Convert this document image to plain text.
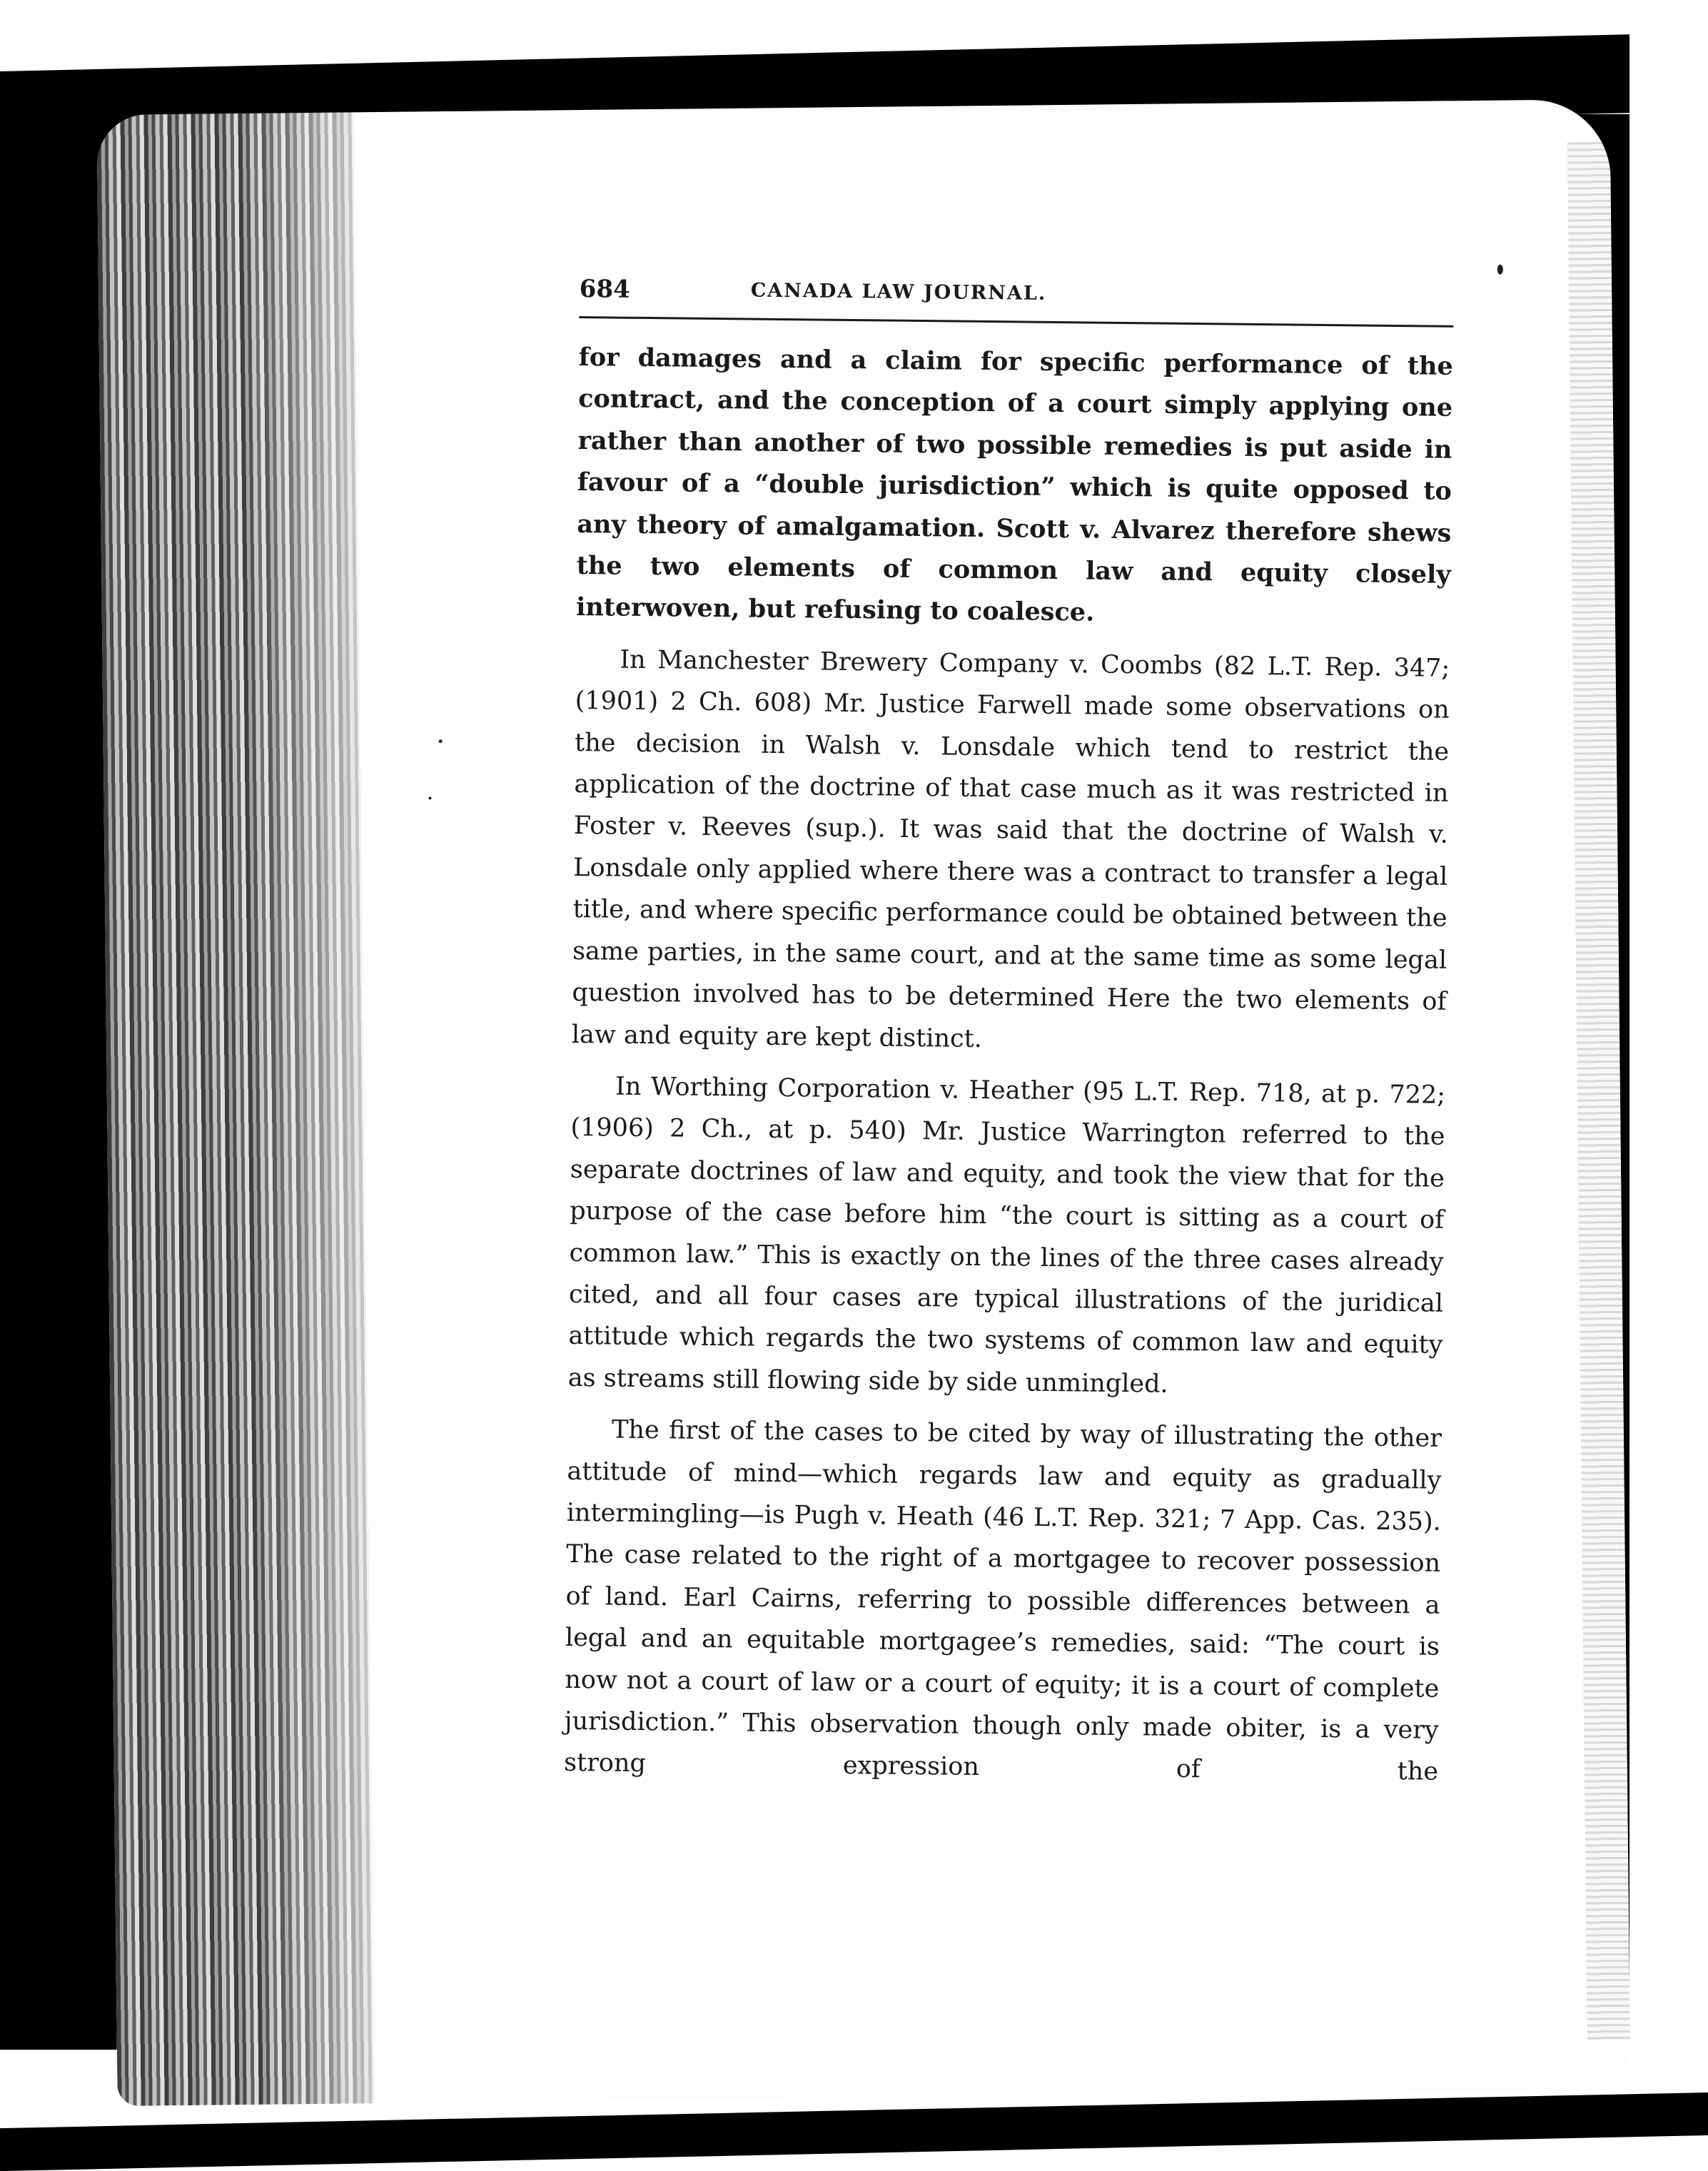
684	CANADA LAW JOURNAL.

for damages and a claim for specific performance of the contract, and the conception of a court simply applying one rather than another of two possible remedies is put aside in favour of a “double jurisdiction” which is quite opposed to any theory of amalgamation. Scott v. Alvarez therefore shews the two elements of common law and equity closely interwoven, but refusing to coalesce.

In Manchester Brewery Company v. Coombs (82 L.T. Rep. 347; (1901) 2 Ch. 608) Mr. Justice Farwell made some observations on the decision in Walsh v. Lonsdale which tend to restrict the application of the doctrine of that case much as it was restricted in Foster v. Reeves (sup.). It was said that the doctrine of Walsh v. Lonsdale only applied where there was a contract to transfer a legal title, and where specific performance could be obtained between the same parties, in the same court, and at the same time as some legal question involved has to be determined Here the two elements of law and equity are kept distinct.

In Worthing Corporation v. Heather (95 L.T. Rep. 718, at p. 722; (1906) 2 Ch., at p. 540) Mr. Justice Warrington referred to the separate doctrines of law and equity, and took the view that for the purpose of the case before him “the court is sitting as a court of common law.” This is exactly on the lines of the three cases already cited, and all four cases are typical illustrations of the juridical attitude which regards the two systems of common law and equity as streams still flowing side by side unmingled.

The first of the cases to be cited by way of illustrating the other attitude of mind—which regards law and equity as gradually intermingling—is Pugh v. Heath (46 L.T. Rep. 321; 7 App. Cas. 235). The case related to the right of a mortgagee to recover possession of land. Earl Cairns, referring to possible differences between a legal and an equitable mortgagee’s remedies, said: “The court is now not a court of law or a court of equity; it is a court of complete jurisdiction.” This observation though only made obiter, is a very strong expression of the
